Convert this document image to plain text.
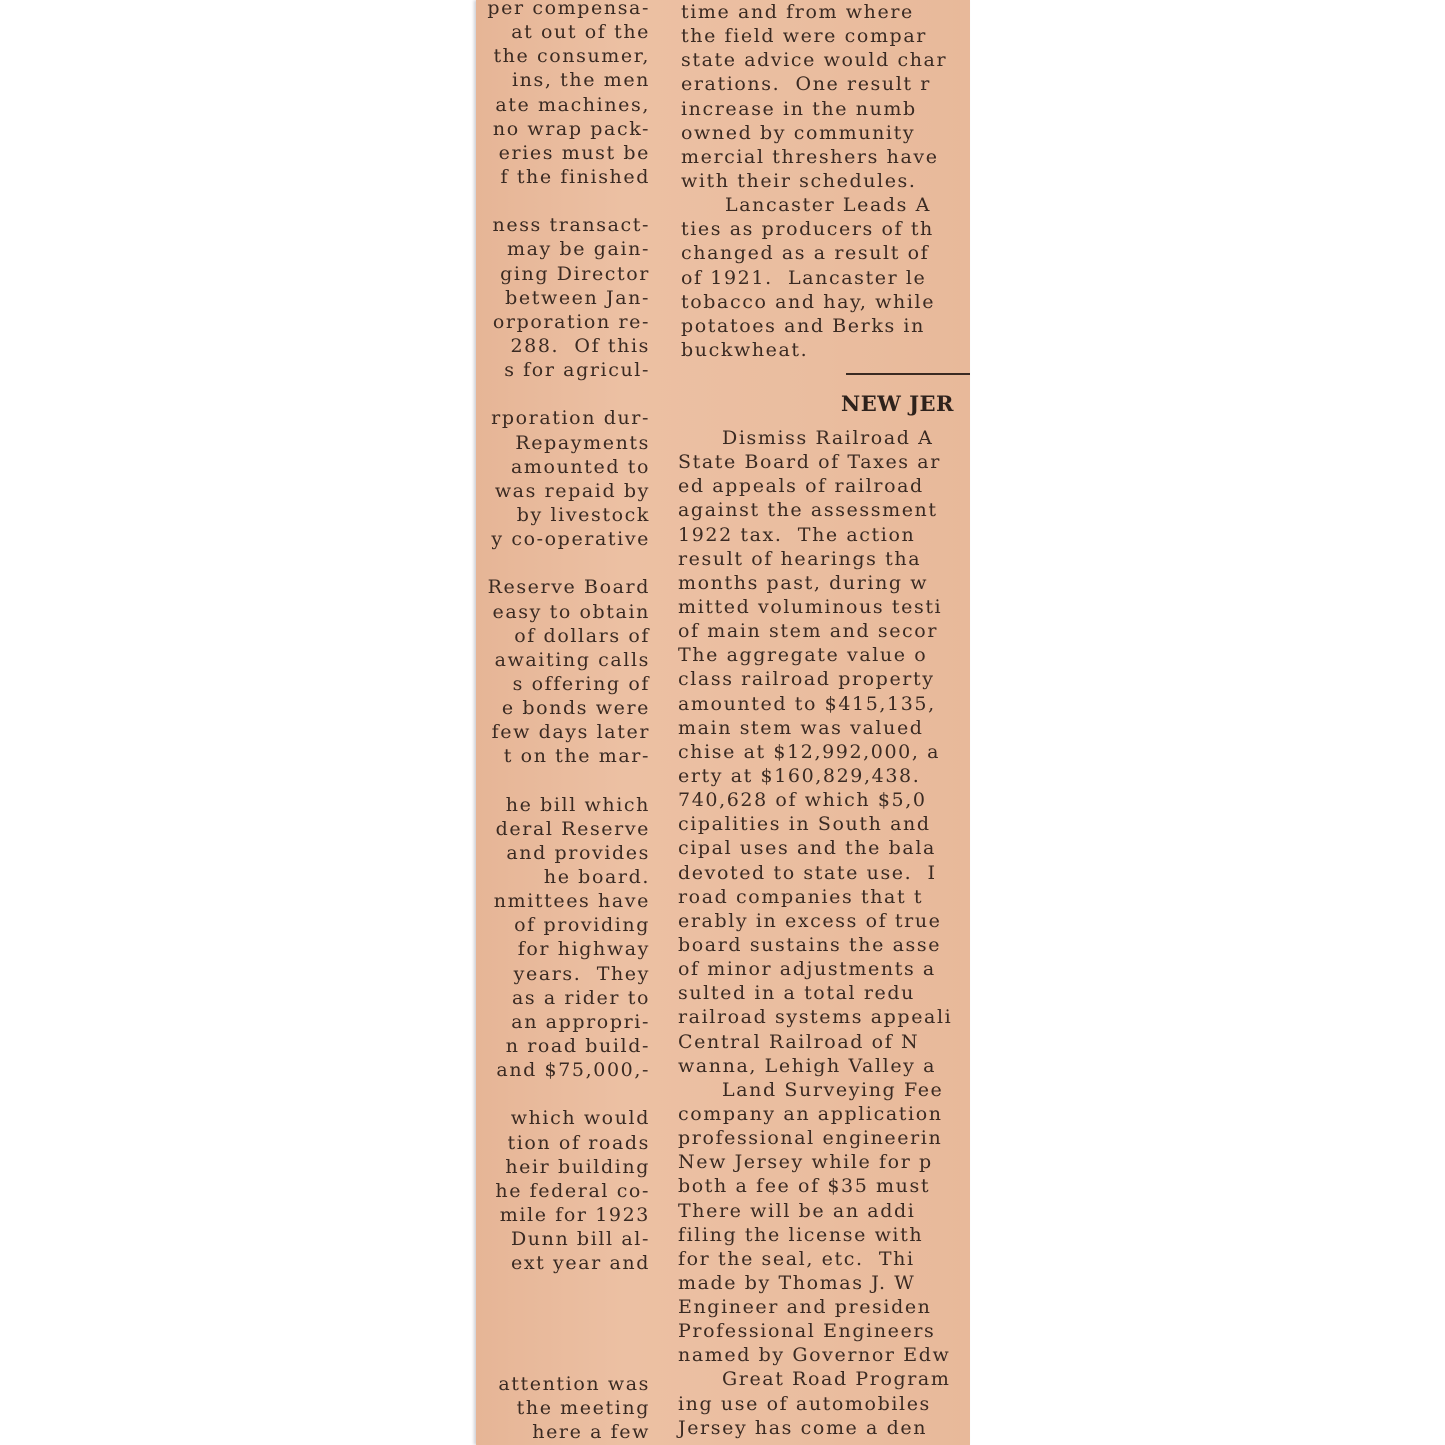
per compensa-
at out of the
the consumer,
ins, the men
ate machines,
no wrap pack-
eries must be
f the finished
ness transact-
may be gain-
ging Director
between Jan-
orporation re-
288.  Of this
s for agricul-
rporation dur-
Repayments
amounted to
was repaid by
by livestock
y co-operative
Reserve Board
easy to obtain
of dollars of
awaiting calls
s offering of
e bonds were
few days later
t on the mar-
he bill which
deral Reserve
and provides
he board.
nmittees have
of providing
for highway
years.  They
as a rider to
an appropri-
n road build-
and $75,000,-
which would
tion of roads
heir building
he federal co-
mile for 1923
Dunn bill al-
ext year and
attention was
the meeting
here a few
time and from where
the field were compar
state advice would char
erations.  One result r
increase in the numb
owned by community
mercial threshers have
with their schedules.
Lancaster Leads A
ties as producers of th
changed as a result of
of 1921.  Lancaster le
tobacco and hay, while
potatoes and Berks in
buckwheat.
NEW JER
Dismiss Railroad A
State Board of Taxes ar
ed appeals of railroad
against the assessment
1922 tax.  The action
result of hearings tha
months past, during w
mitted voluminous testi
of main stem and secor
The aggregate value o
class railroad property
amounted to $415,135,
main stem was valued
chise at $12,992,000, a
erty at $160,829,438.
740,628 of which $5,0
cipalities in South and
cipal uses and the bala
devoted to state use.  I
road companies that t
erably in excess of true
board sustains the asse
of minor adjustments a
sulted in a total redu
railroad systems appeali
Central Railroad of N
wanna, Lehigh Valley a
Land Surveying Fee
company an application
professional engineerin
New Jersey while for p
both a fee of $35 must
There will be an addi
filing the license with
for the seal, etc.  Thi
made by Thomas J. W
Engineer and presiden
Professional Engineers
named by Governor Edw
Great Road Program
ing use of automobiles
Jersey has come a den
